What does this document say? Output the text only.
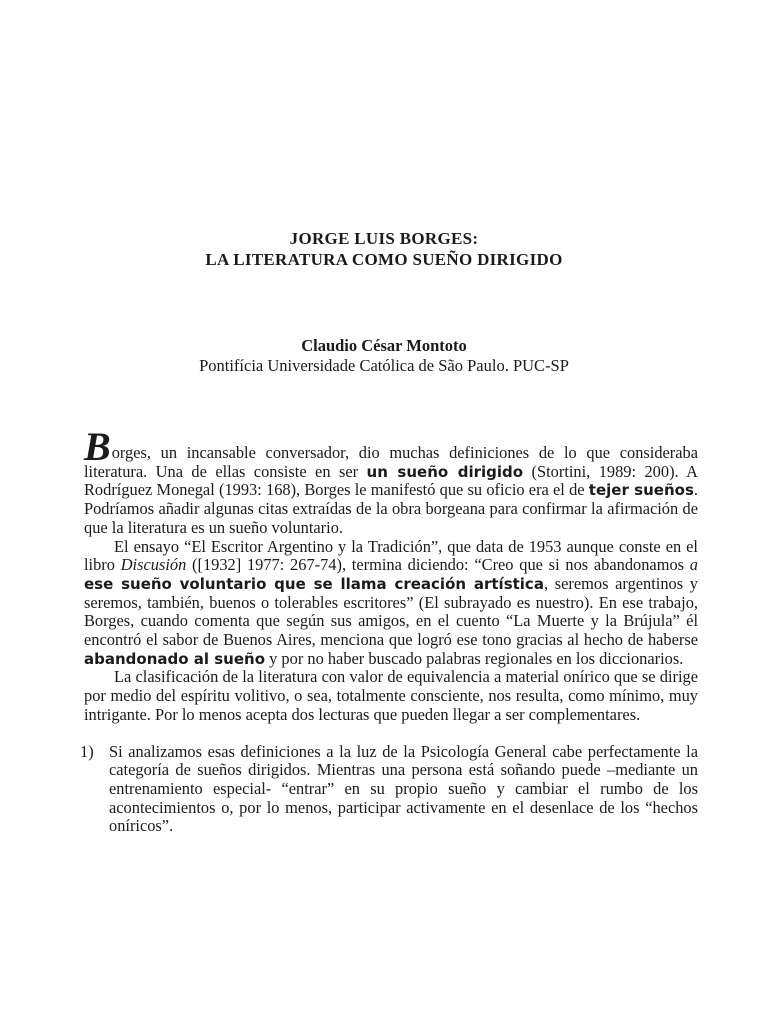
JORGE LUIS BORGES:
LA LITERATURA COMO SUEÑO DIRIGIDO
Claudio César Montoto
Pontifícia Universidade Católica de São Paulo. PUC-SP

Borges, un incansable conversador, dio muchas definiciones de lo que consideraba literatura. Una de ellas consiste en ser un sueño dirigido (Stortini, 1989: 200). A Rodríguez Monegal (1993: 168), Borges le manifestó que su oficio era el de tejer sueños. Podríamos añadir algunas citas extraídas de la obra borgeana para confirmar la afirmación de que la literatura es un sueño voluntario.

El ensayo “El Escritor Argentino y la Tradición”, que data de 1953 aunque conste en el libro Discusión ([1932] 1977: 267-74), termina diciendo: “Creo que si nos abandonamos a ese sueño voluntario que se llama creación artística, seremos argentinos y seremos, también, buenos o tolerables escritores” (El subrayado es nuestro). En ese trabajo, Borges, cuando comenta que según sus amigos, en el cuento “La Muerte y la Brújula” él encontró el sabor de Buenos Aires, menciona que logró ese tono gracias al hecho de haberse abandonado al sueño y por no haber buscado palabras regionales en los diccionarios.

La clasificación de la literatura con valor de equivalencia a material onírico que se dirige por medio del espíritu volitivo, o sea, totalmente consciente, nos resulta, como mínimo, muy intrigante. Por lo menos acepta dos lecturas que pueden llegar a ser complementares.

1) Si analizamos esas definiciones a la luz de la Psicología General cabe perfectamente la categoría de sueños dirigidos. Mientras una persona está soñando puede –mediante un entrenamiento especial- “entrar” en su propio sueño y cambiar el rumbo de los acontecimientos o, por lo menos, participar activamente en el desenlace de los “hechos oníricos”.
